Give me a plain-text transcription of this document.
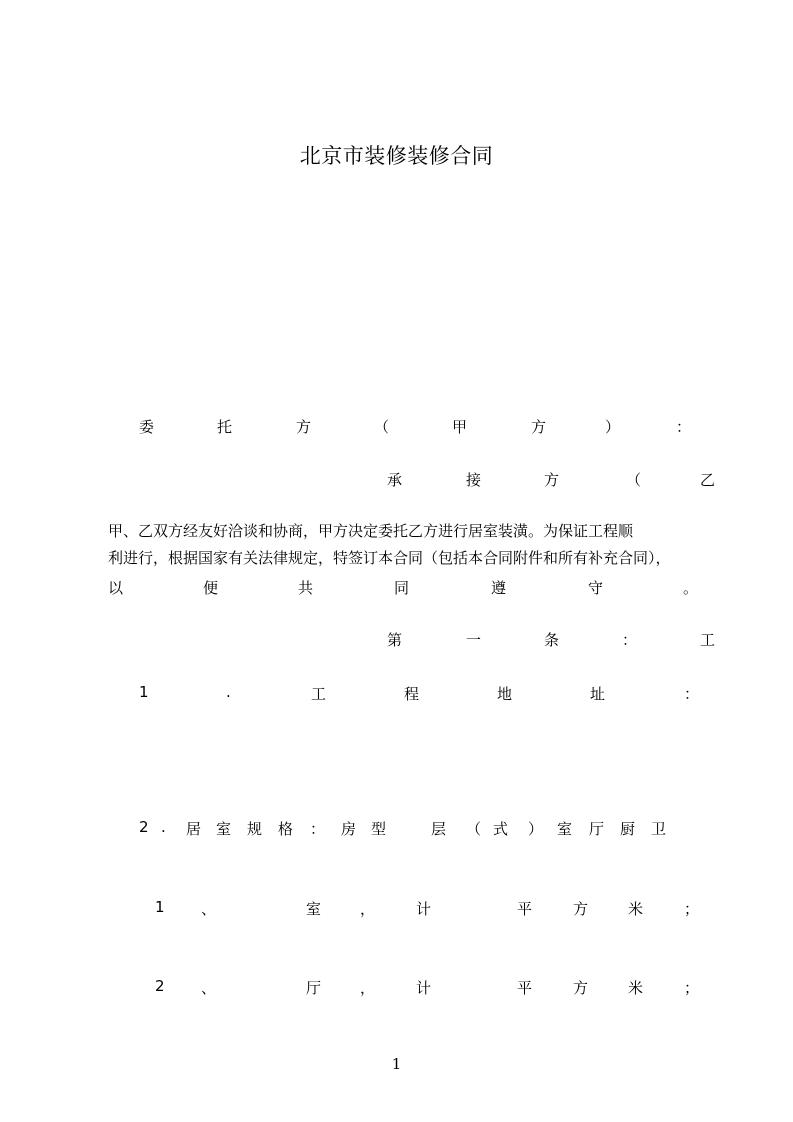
北京市装修装修合同
委	托	方	（	甲	方	）	：
承	接	方	（	乙
甲、乙双方经友好洽谈和协商，甲方决定委托乙方进行居室装潢。为保证工程顺
利进行，根据国家有关法律规定，特签订本合同（包括本合同附件和所有补充合同），
以	便	共	同	遵	守	。
第	一	条	：	工
1	.	工	程	地	址	：
2 . 居 室 规 格 ： 房 型	层 （ 式 ） 室 厅 厨 卫
1 、	室	，	计	平	方	米	；
2 、	厅	，	计	平	方	米	；
1
